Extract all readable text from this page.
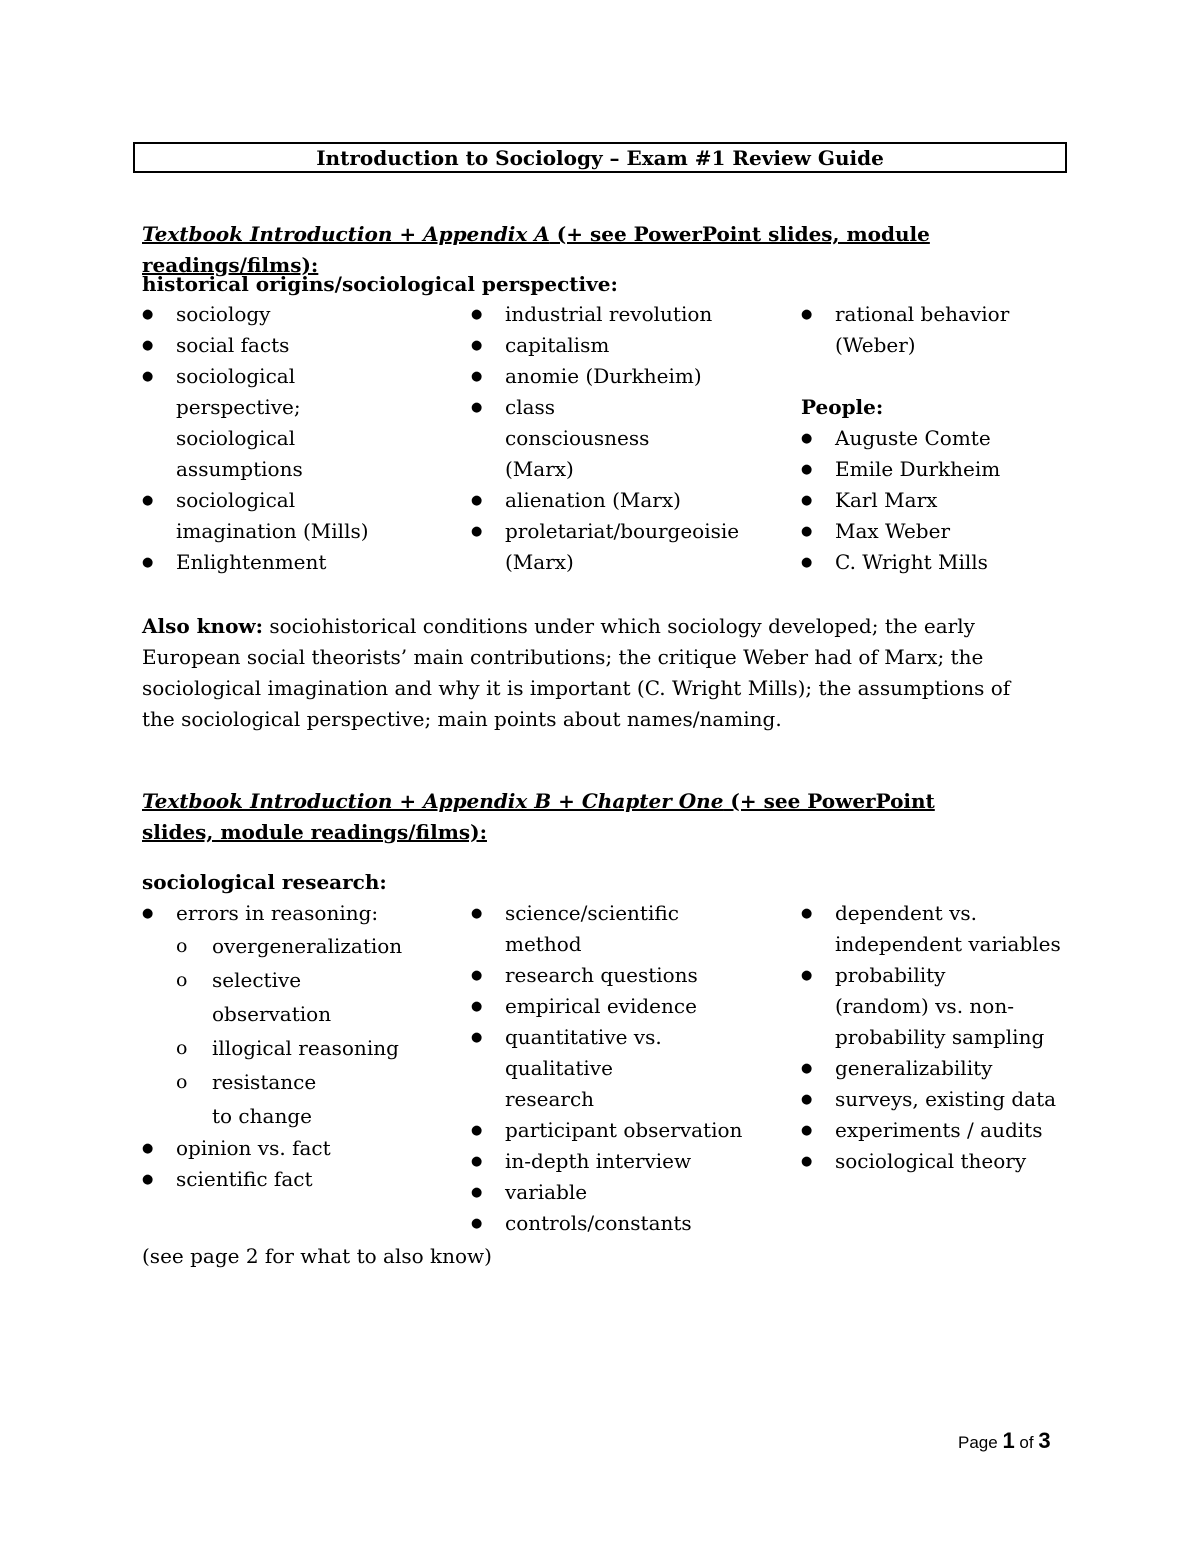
Introduction to Sociology – Exam #1 Review Guide
Textbook Introduction + Appendix A (+ see PowerPoint slides, module readings/films):
historical origins/sociological perspective:
● sociology
● social facts
● sociological perspective; sociological assumptions
● sociological imagination (Mills)
● Enlightenment
● industrial revolution
● capitalism
● anomie (Durkheim)
● class consciousness (Marx)
● alienation (Marx)
● proletariat/bourgeoisie (Marx)
● rational behavior (Weber)
People:
● Auguste Comte
● Emile Durkheim
● Karl Marx
● Max Weber
● C. Wright Mills
Also know: sociohistorical conditions under which sociology developed; the early European social theorists’ main contributions; the critique Weber had of Marx; the sociological imagination and why it is important (C. Wright Mills); the assumptions of the sociological perspective; main points about names/naming.
Textbook Introduction + Appendix B + Chapter One (+ see PowerPoint slides, module readings/films):
sociological research:
● errors in reasoning:
o overgeneralization
o selective observation
o illogical reasoning
o resistance to change
● opinion vs. fact
● scientific fact
● science/scientific method
● research questions
● empirical evidence
● quantitative vs. qualitative research
● participant observation
● in-depth interview
● variable
● controls/constants
● dependent vs. independent variables
● probability (random) vs. non-probability sampling
● generalizability
● surveys, existing data
● experiments / audits
● sociological theory
(see page 2 for what to also know)
Page 1 of 3
